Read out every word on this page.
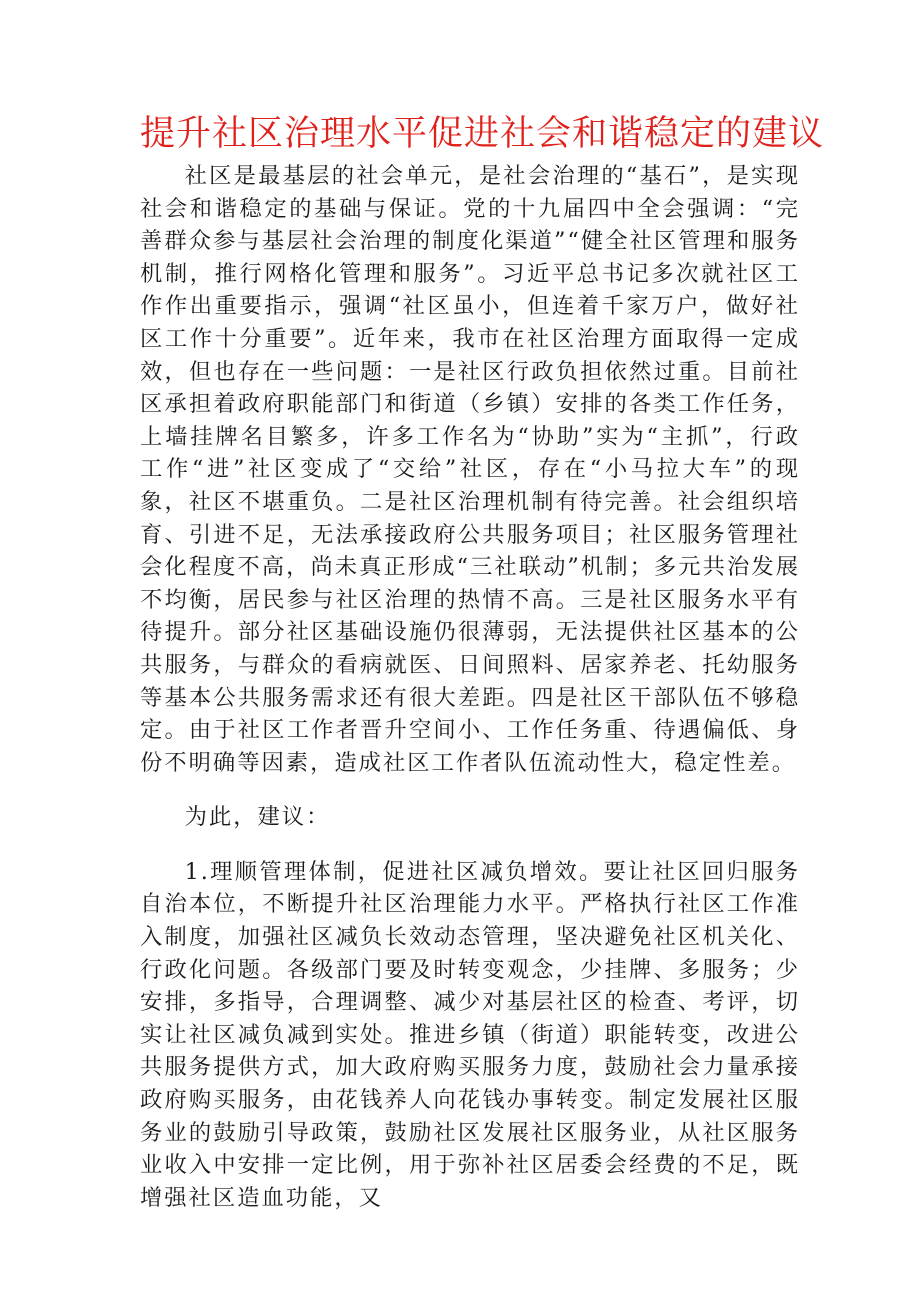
提升社区治理水平促进社会和谐稳定的建议

社区是最基层的社会单元，是社会治理的“基石”，是实现社会和谐稳定的基础与保证。党的十九届四中全会强调：“完善群众参与基层社会治理的制度化渠道”“健全社区管理和服务机制，推行网格化管理和服务”。习近平总书记多次就社区工作作出重要指示，强调“社区虽小，但连着千家万户，做好社区工作十分重要”。近年来，我市在社区治理方面取得一定成效，但也存在一些问题：一是社区行政负担依然过重。目前社区承担着政府职能部门和街道（乡镇）安排的各类工作任务，上墙挂牌名目繁多，许多工作名为“协助”实为“主抓”，行政工作“进”社区变成了“交给”社区，存在“小马拉大车”的现象，社区不堪重负。二是社区治理机制有待完善。社会组织培育、引进不足，无法承接政府公共服务项目；社区服务管理社会化程度不高，尚未真正形成“三社联动”机制；多元共治发展不均衡，居民参与社区治理的热情不高。三是社区服务水平有待提升。部分社区基础设施仍很薄弱，无法提供社区基本的公共服务，与群众的看病就医、日间照料、居家养老、托幼服务等基本公共服务需求还有很大差距。四是社区干部队伍不够稳定。由于社区工作者晋升空间小、工作任务重、待遇偏低、身份不明确等因素，造成社区工作者队伍流动性大，稳定性差。

为此，建议：

1.理顺管理体制，促进社区减负增效。要让社区回归服务自治本位，不断提升社区治理能力水平。严格执行社区工作准入制度，加强社区减负长效动态管理，坚决避免社区机关化、行政化问题。各级部门要及时转变观念，少挂牌、多服务；少安排，多指导，合理调整、减少对基层社区的检查、考评，切实让社区减负减到实处。推进乡镇（街道）职能转变，改进公共服务提供方式，加大政府购买服务力度，鼓励社会力量承接政府购买服务，由花钱养人向花钱办事转变。制定发展社区服务业的鼓励引导政策，鼓励社区发展社区服务业，从社区服务业收入中安排一定比例，用于弥补社区居委会经费的不足，既增强社区造血功能，又
